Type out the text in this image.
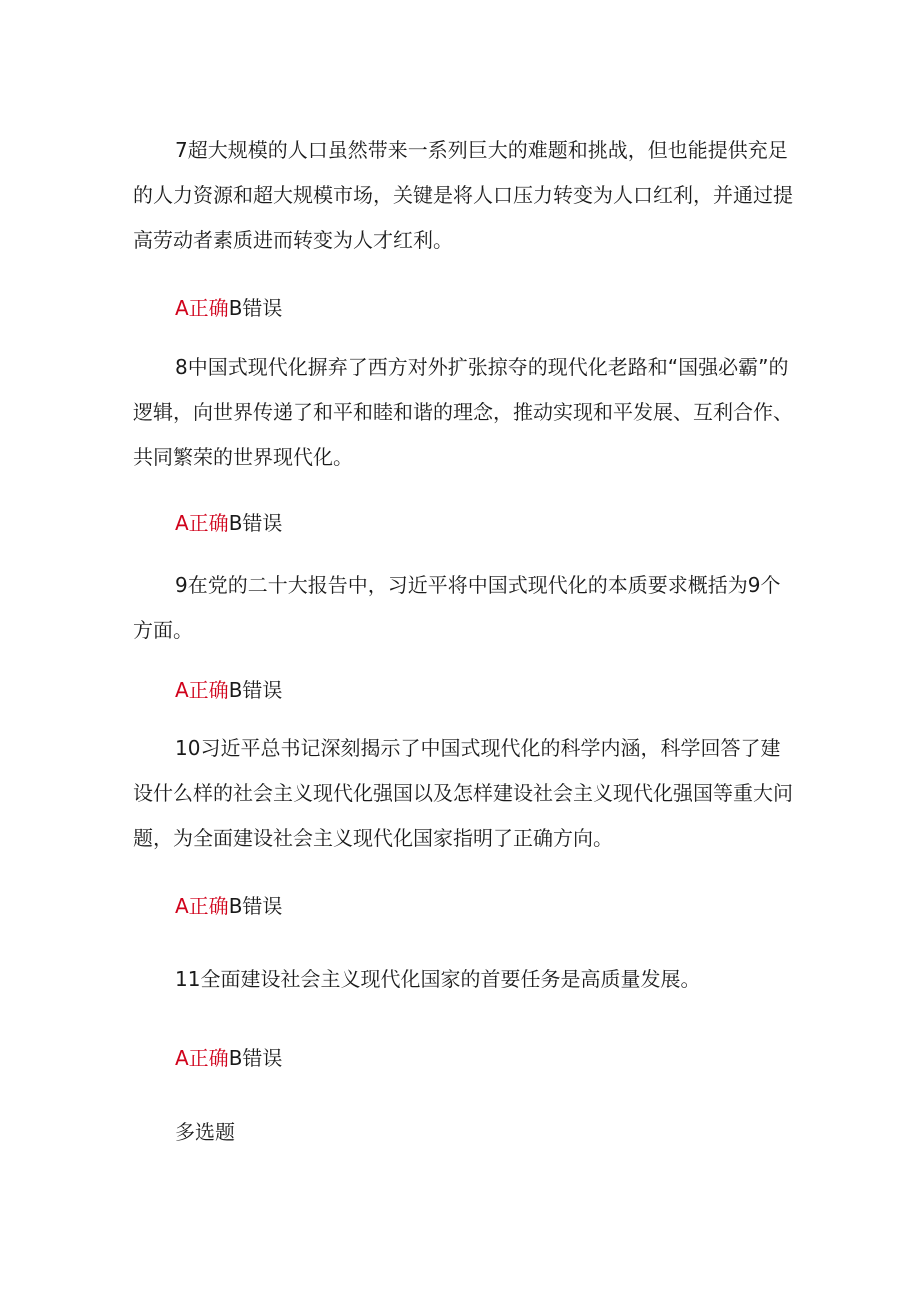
7超大规模的人口虽然带来一系列巨大的难题和挑战，但也能提供充足的人力资源和超大规模市场，关键是将人口压力转变为人口红利，并通过提高劳动者素质进而转变为人才红利。

A正确B错误

8中国式现代化摒弃了西方对外扩张掠夺的现代化老路和“国强必霸”的逻辑，向世界传递了和平和睦和谐的理念，推动实现和平发展、互利合作、共同繁荣的世界现代化。

A正确B错误

9在党的二十大报告中，习近平将中国式现代化的本质要求概括为9个方面。

A正确B错误

10习近平总书记深刻揭示了中国式现代化的科学内涵，科学回答了建设什么样的社会主义现代化强国以及怎样建设社会主义现代化强国等重大问题，为全面建设社会主义现代化国家指明了正确方向。

A正确B错误

11全面建设社会主义现代化国家的首要任务是高质量发展。

A正确B错误

多选题
